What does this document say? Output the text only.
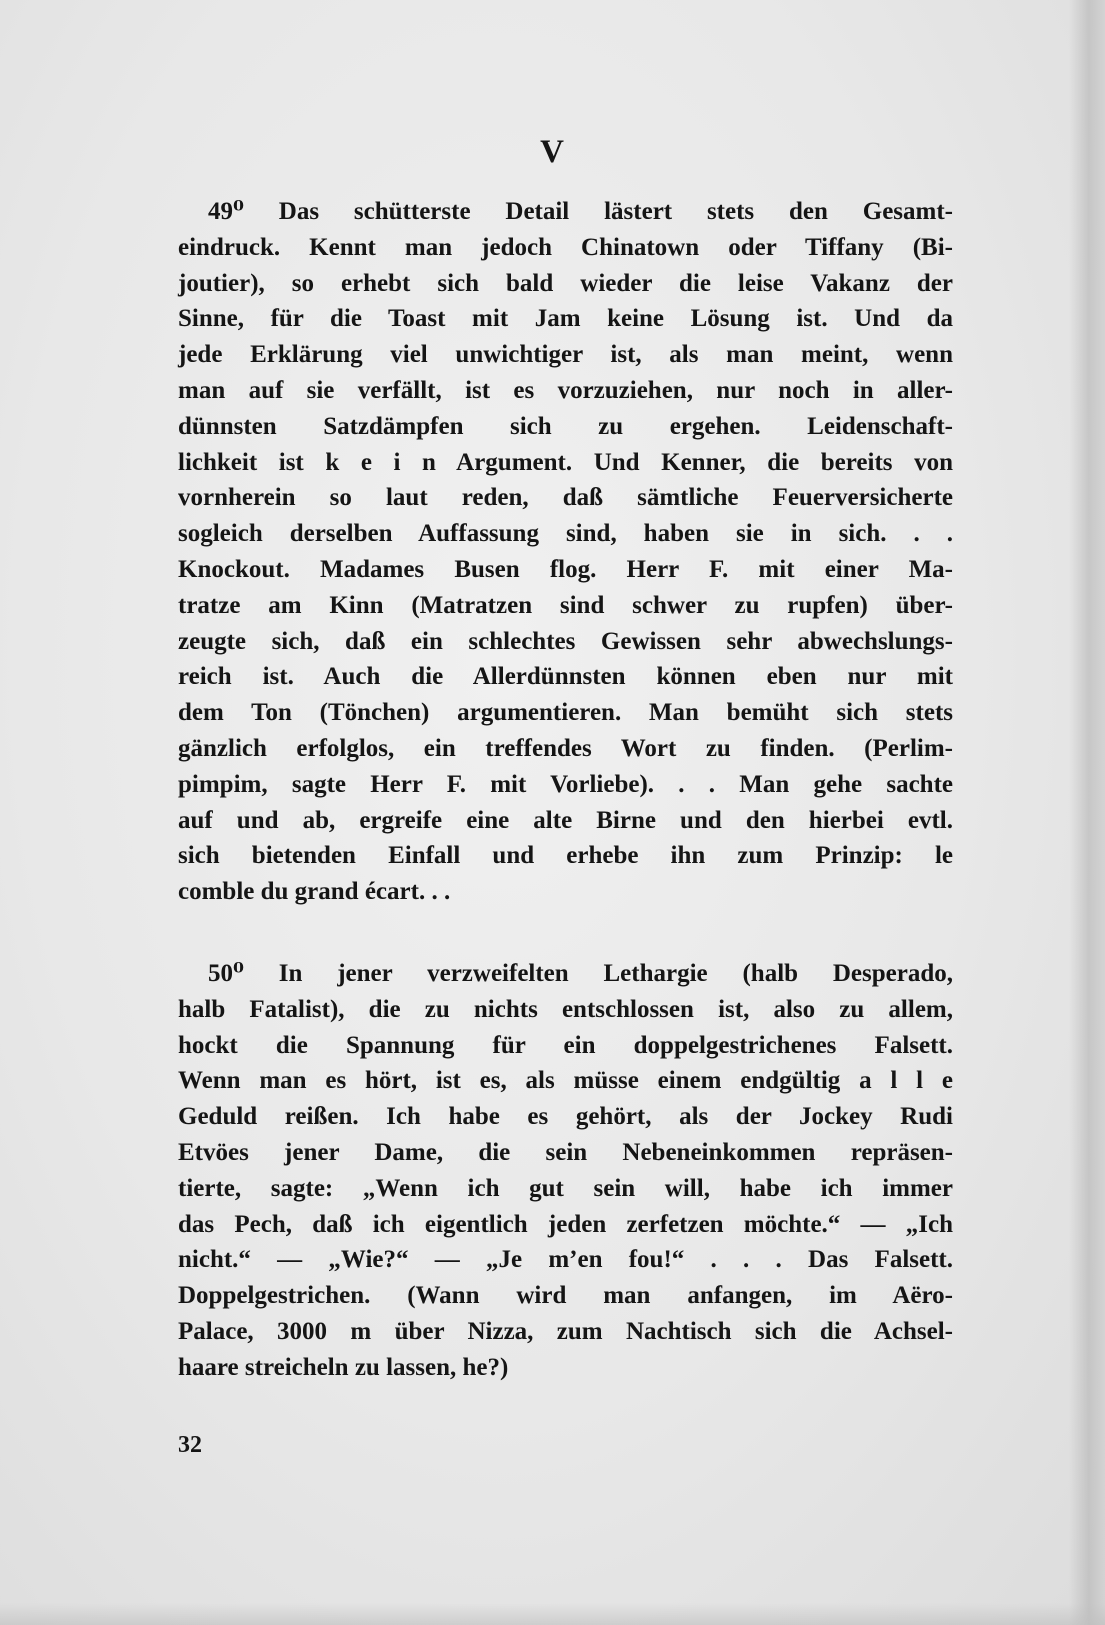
V
49⁰ Das schütterste Detail lästert stets den Gesamt-
eindruck. Kennt man jedoch Chinatown oder Tiffany (Bi-
joutier), so erhebt sich bald wieder die leise Vakanz der
Sinne, für die Toast mit Jam keine Lösung ist. Und da
jede Erklärung viel unwichtiger ist, als man meint, wenn
man auf sie verfällt, ist es vorzuziehen, nur noch in aller-
dünnsten Satzdämpfen sich zu ergehen. Leidenschaft-
lichkeit ist k e i n Argument. Und Kenner, die bereits von
vornherein so laut reden, daß sämtliche Feuerversicherte
sogleich derselben Auffassung sind, haben sie in sich. . .
Knockout. Madames Busen flog. Herr F. mit einer Ma-
tratze am Kinn (Matratzen sind schwer zu rupfen) über-
zeugte sich, daß ein schlechtes Gewissen sehr abwechslungs-
reich ist. Auch die Allerdünnsten können eben nur mit
dem Ton (Tönchen) argumentieren. Man bemüht sich stets
gänzlich erfolglos, ein treffendes Wort zu finden. (Perlim-
pimpim, sagte Herr F. mit Vorliebe). . . Man gehe sachte
auf und ab, ergreife eine alte Birne und den hierbei evtl.
sich bietenden Einfall und erhebe ihn zum Prinzip: le
comble du grand écart. . .
50⁰ In jener verzweifelten Lethargie (halb Desperado,
halb Fatalist), die zu nichts entschlossen ist, also zu allem,
hockt die Spannung für ein doppelgestrichenes Falsett.
Wenn man es hört, ist es, als müsse einem endgültig a l l e
Geduld reißen. Ich habe es gehört, als der Jockey Rudi
Etvöes jener Dame, die sein Nebeneinkommen repräsen-
tierte, sagte: „Wenn ich gut sein will, habe ich immer
das Pech, daß ich eigentlich jeden zerfetzen möchte.“ — „Ich
nicht.“ — „Wie?“ — „Je m’en fou!“ . . . Das Falsett.
Doppelgestrichen. (Wann wird man anfangen, im Aëro-
Palace, 3000 m über Nizza, zum Nachtisch sich die Achsel-
haare streicheln zu lassen, he?)
32
